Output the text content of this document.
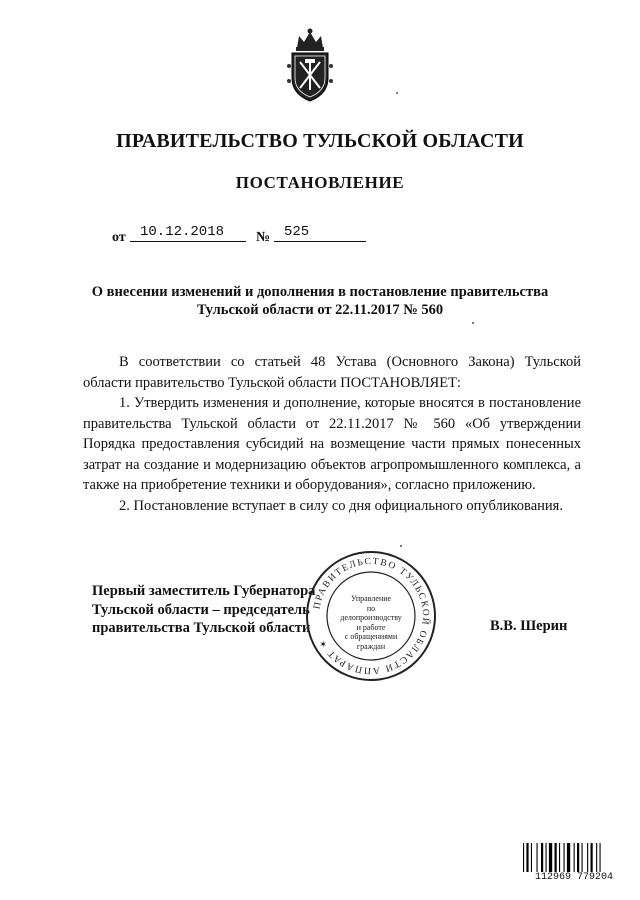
ПРАВИТЕЛЬСТВО ТУЛЬСКОЙ ОБЛАСТИ
ПОСТАНОВЛЕНИЕ
от	10.12.2018	№ 525
О внесении изменений и дополнения в постановление правительства
Тульской области от 22.11.2017 № 560

В соответствии со статьей 48 Устава (Основного Закона) Тульской области правительство Тульской области ПОСТАНОВЛЯЕТ:

1. Утвердить изменения и дополнение, которые вносятся в постановление правительства Тульской области от 22.11.2017 № 560 «Об утверждении Порядка предоставления субсидий на возмещение части прямых понесенных затрат на создание и модернизацию объектов агропромышленного комплекса, а также на приобретение техники и оборудования», согласно приложению.

2. Постановление вступает в силу со дня официального опубликования.

Первый заместитель Губернатора
Тульской области – председатель
правительства Тульской области
ПРАВИТЕЛЬСТВО ТУЛЬСКОЙ ОБЛАСТИ АППАРАТ ✶
Управление
по делопроизводству
и работе
с обращениями
граждан
В.В. Шерин
112969 779204
